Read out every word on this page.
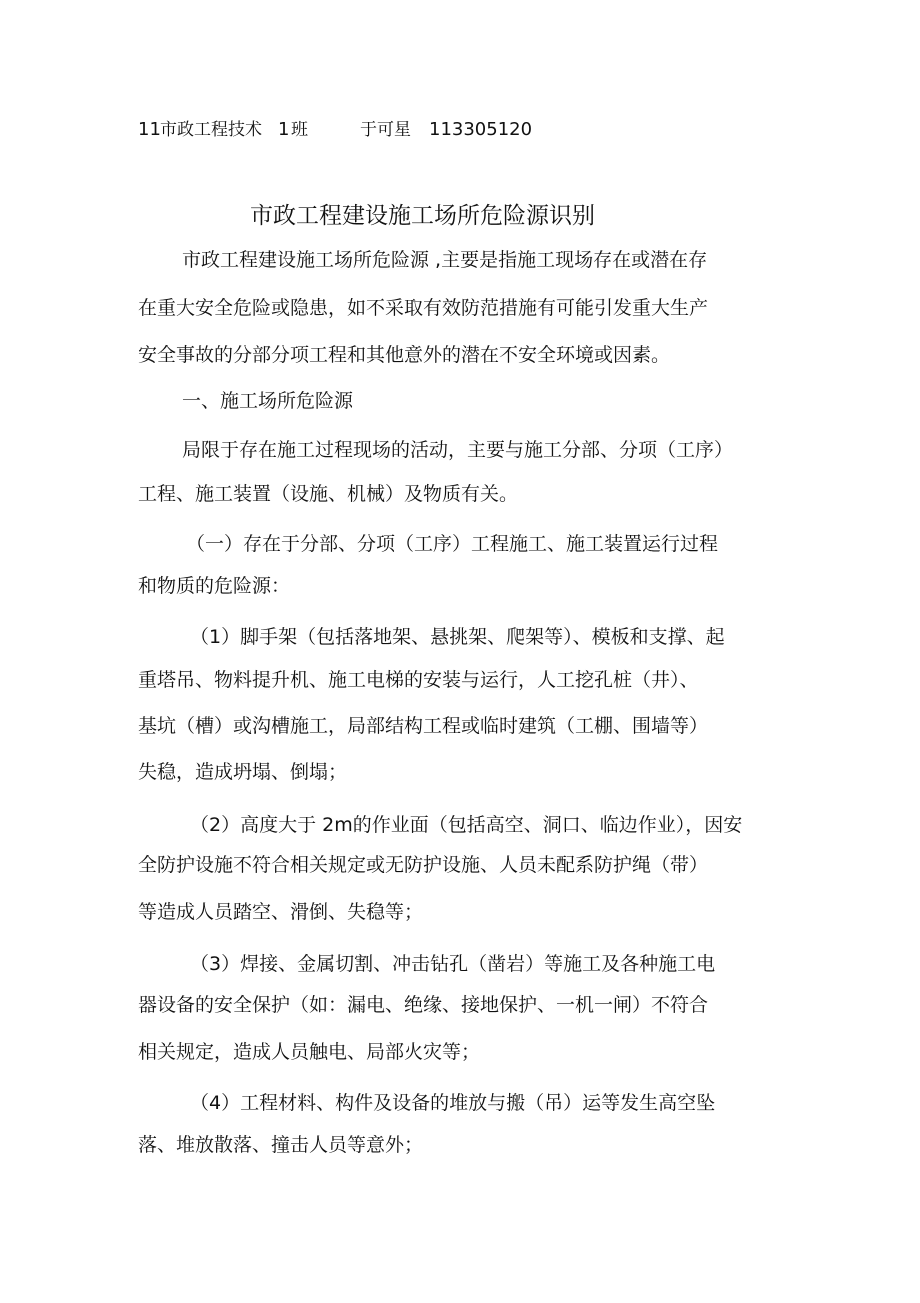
11 市政工程技术 1 班	于可星 113305120
市政工程建设施工场所危险源识别
市政工程建设施工场所危险源 ,主要是指施工现场存在或潜在存
在重大安全危险或隐患，如不采取有效防范措施有可能引发重大生产
安全事故的分部分项工程和其他意外的潜在不安全环境或因素。
一、施工场所危险源
局限于存在施工过程现场的活动，主要与施工分部、分项（工序）
工程、施工装置（设施、机械）及物质有关。
（一）存在于分部、分项（工序）工程施工、施工装置运行过程
和物质的危险源：
（1）脚手架（包括落地架、悬挑架、爬架等）、模板和支撑、起
重塔吊、物料提升机、施工电梯的安装与运行，人工挖孔桩（井）、
基坑（槽）或沟槽施工，局部结构工程或临时建筑（工棚、围墙等）
失稳，造成坍塌、倒塌；
（2）高度大于 2m的作业面（包括高空、洞口、临边作业），因安
全防护设施不符合相关规定或无防护设施、人员未配系防护绳（带）
等造成人员踏空、滑倒、失稳等；
（3）焊接、金属切割、冲击钻孔（凿岩）等施工及各种施工电
器设备的安全保护（如：漏电、绝缘、接地保护、一机一闸）不符合
相关规定，造成人员触电、局部火灾等；
（4）工程材料、构件及设备的堆放与搬（吊）运等发生高空坠
落、堆放散落、撞击人员等意外；
